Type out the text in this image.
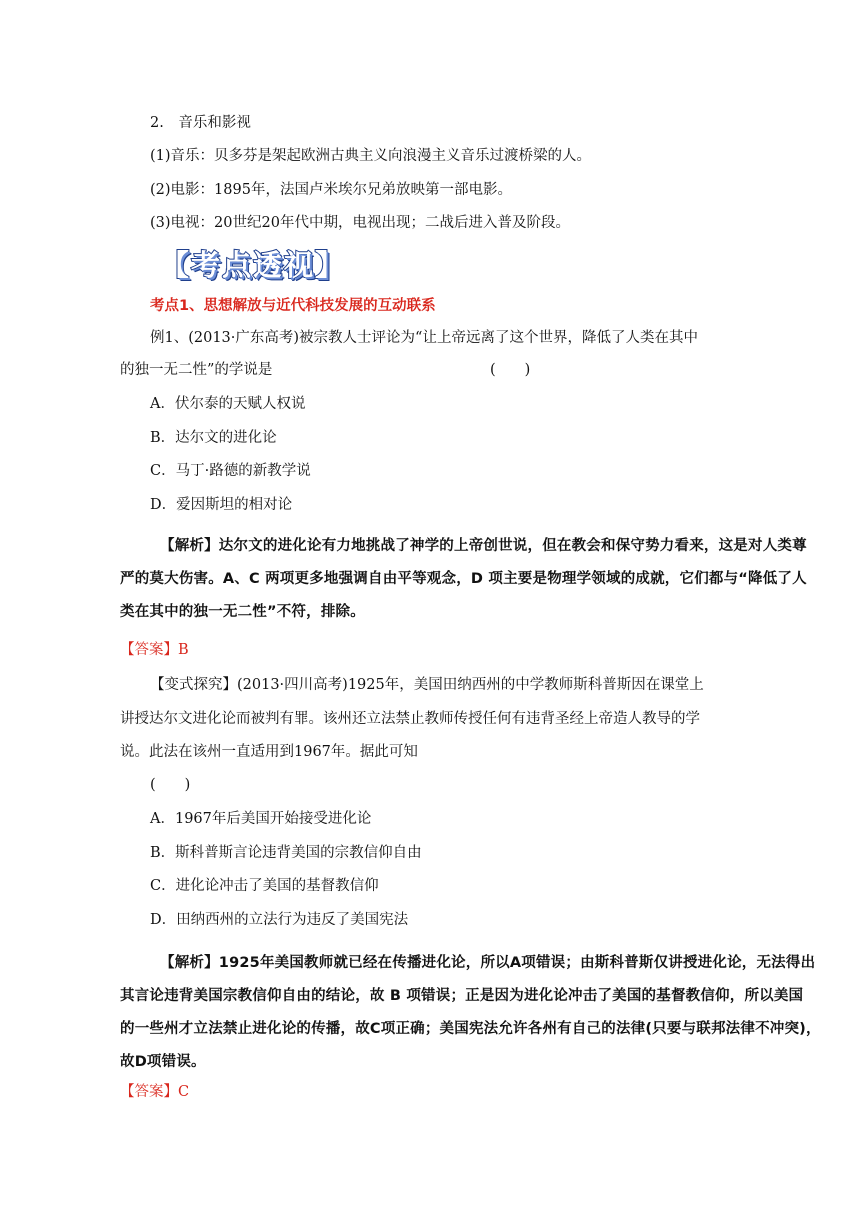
2.　音乐和影视
(1)音乐：贝多芬是架起欧洲古典主义向浪漫主义音乐过渡桥梁的人。
(2)电影：1895年，法国卢米埃尔兄弟放映第一部电影。
(3)电视：20世纪20年代中期，电视出现；二战后进入普及阶段。
【考点透视】
考点1、思想解放与近代科技发展的互动联系
例1、(2013·广东高考)被宗教人士评论为“让上帝远离了这个世界，降低了人类在其中
的独一无二性”的学说是	(　　)
A．伏尔泰的天赋人权说
B．达尔文的进化论
C．马丁·路德的新教学说
D．爱因斯坦的相对论
【解析】达尔文的进化论有力地挑战了神学的上帝创世说，但在教会和保守势力看来，这是对人类尊
严的莫大伤害。A、C 两项更多地强调自由平等观念，D 项主要是物理学领域的成就，它们都与“降低了人
类在其中的独一无二性”不符，排除。
【答案】B
【变式探究】(2013·四川高考)1925年，美国田纳西州的中学教师斯科普斯因在课堂上
讲授达尔文进化论而被判有罪。该州还立法禁止教师传授任何有违背圣经上帝造人教导的学
说。此法在该州一直适用到1967年。据此可知
(　　)
A．1967年后美国开始接受进化论
B．斯科普斯言论违背美国的宗教信仰自由
C．进化论冲击了美国的基督教信仰
D．田纳西州的立法行为违反了美国宪法
【解析】1925年美国教师就已经在传播进化论，所以A项错误；由斯科普斯仅讲授进化论，无法得出
其言论违背美国宗教信仰自由的结论，故 B 项错误；正是因为进化论冲击了美国的基督教信仰，所以美国
的一些州才立法禁止进化论的传播，故C项正确；美国宪法允许各州有自己的法律(只要与联邦法律不冲突)，
故D项错误。
【答案】C
